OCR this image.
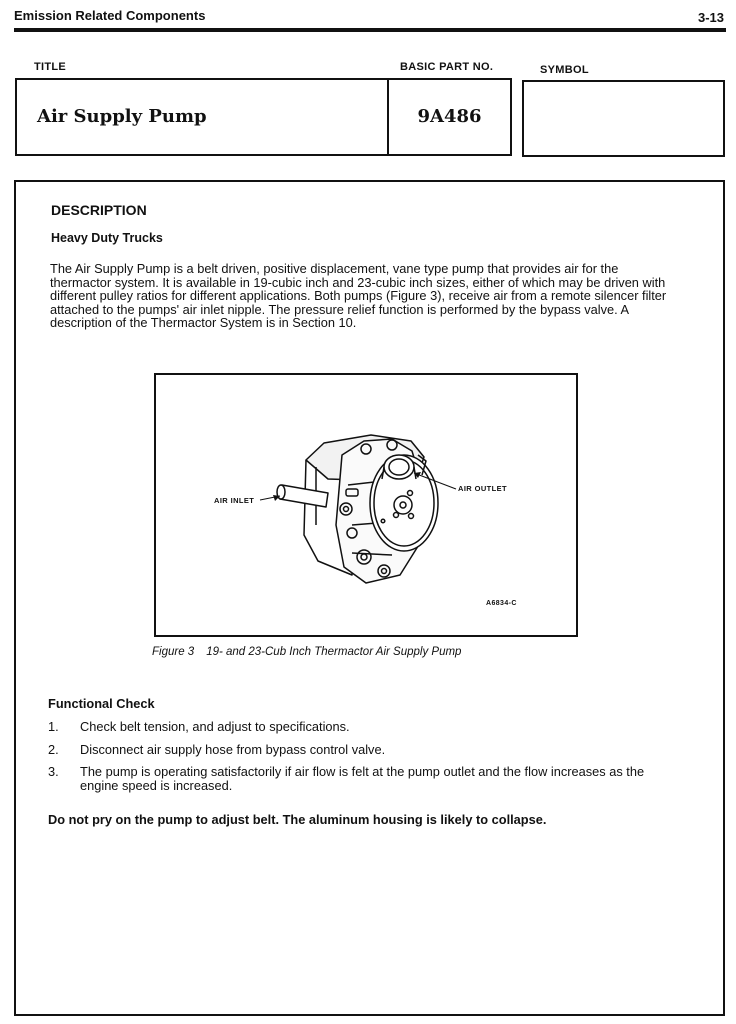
Emission Related Components	3-13
TITLE	BASIC PART NO.	SYMBOL
Air Supply Pump	9A486
DESCRIPTION
Heavy Duty Trucks

The Air Supply Pump is a belt driven, positive displacement, vane type pump that provides air for the thermactor system. It is available in 19-cubic inch and 23-cubic inch sizes, either of which may be driven with different pulley ratios for different applications. Both pumps (Figure 3), receive air from a remote silencer filter attached to the pumps' air inlet nipple. The pressure relief function is performed by the bypass valve. A description of the Thermactor System is in Section 10.

AIR INLET
AIR OUTLET
A6834-C
Figure 3 19- and 23-Cub Inch Thermactor Air Supply Pump
Functional Check
1. Check belt tension, and adjust to specifications.
2. Disconnect air supply hose from bypass control valve.
3. The pump is operating satisfactorily if air flow is felt at the pump outlet and the flow increases as the engine speed is increased.
Do not pry on the pump to adjust belt. The aluminum housing is likely to collapse.
